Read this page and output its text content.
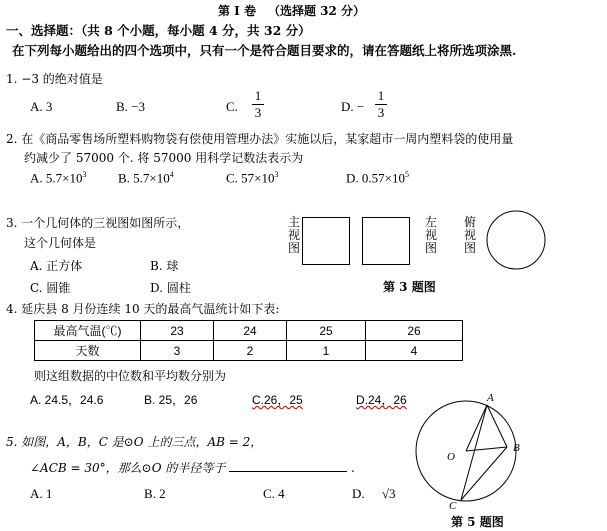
第 I 卷 （选择题 32 分）
一、选择题：（共 8 个小题，每小题 4 分，共 32 分）
在下列每小题给出的四个选项中，只有一个是符合题目要求的，请在答题纸上将所选项涂黑.
1. −3 的绝对值是
A. 3	B. −3	C.
1
3	D. −
1
3
2. 在《商品零售场所塑料购物袋有偿使用管理办法》实施以后，某家超市一周内塑料袋的使用量
约减少了 57000 个. 将 57000 用科学记数法表示为
A. $5.7\times 10^3$ B. $5.7\times 10^4$	C. $57\times 10^3$	D. $0.57\times 10^5$
3. 一个几何体的三视图如图所示，
这个几何体是
A. 正方体	B. 球
C. 圆锥	D. 圆柱
主
视
图
左
视
图
俯
视
图
第 3 题图
4. 延庆县 8 月份连续 10 天的最高气温统计如下表:
最高气温(℃)	23	24	25	26
天数	3	2	1	4
则这组数据的中位数和平均数分别为
A. 24.5，24.6	B. 25，26	C.26，25	D.24，26
5. 如图，A，B，C 是⊙O 上的三点，AB = 2，
∠ACB = 30°，那么⊙O 的半径等于	.
A. 1	B. 2	C. 4	D. √3
A
B
C
O
第 5 题图
